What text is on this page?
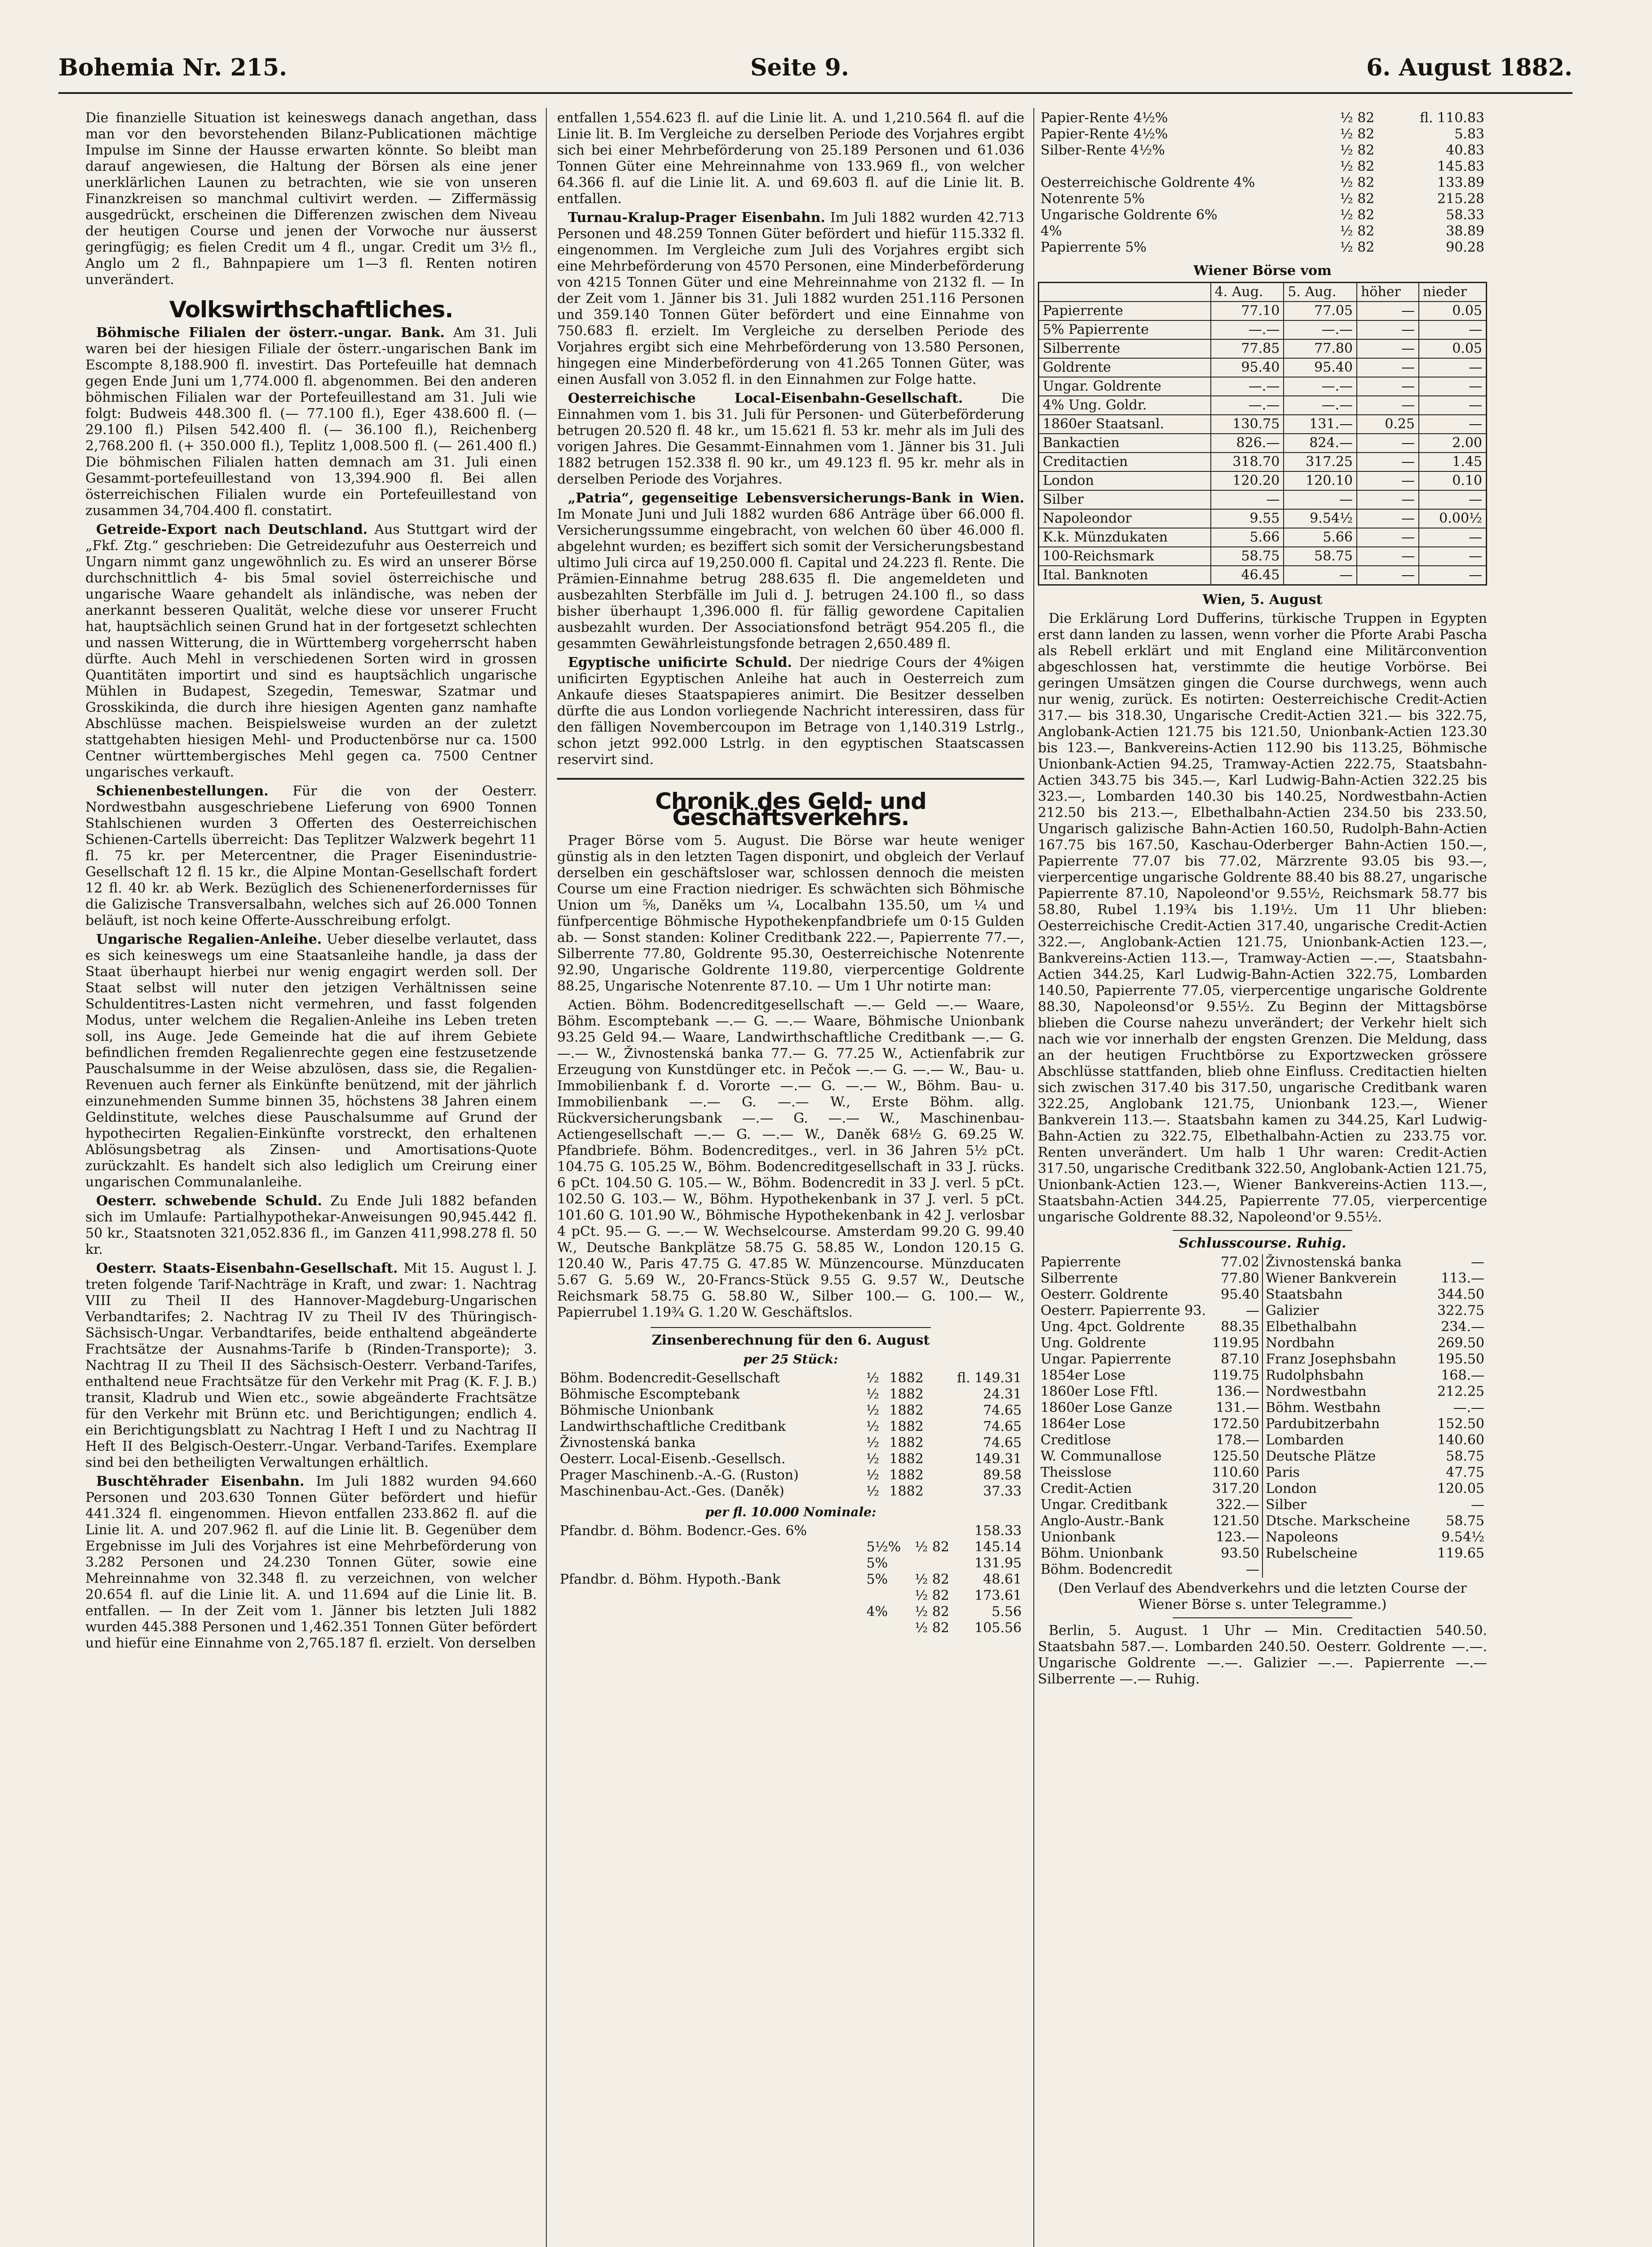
Bohemia Nr. 215.	Seite 9.	6. August 1882.

Die finanzielle Situation ist keineswegs danach angethan, dass man vor den bevorstehenden Bilanz-Publicationen mächtige Impulse im Sinne der Hausse erwarten könnte. So bleibt man darauf angewiesen, die Haltung der Börsen als eine jener unerklärlichen Launen zu betrachten, wie sie von unseren Finanzkreisen so manchmal cultivirt werden. — Ziffermässig ausgedrückt, erscheinen die Differenzen zwischen dem Niveau der heutigen Course und jenen der Vorwoche nur äusserst geringfügig; es fielen Credit um 4 fl., ungar. Credit um 3½ fl., Anglo um 2 fl., Bahnpapiere um 1—3 fl. Renten notiren unverändert.

Volkswirthschaftliches.

Böhmische Filialen der österr.-ungar. Bank. Am 31. Juli waren bei der hiesigen Filiale der österr.-ungarischen Bank im Escompte 8,188.900 fl. investirt. Das Portefeuille hat demnach gegen Ende Juni um 1,774.000 fl. abgenommen. Bei den anderen böhmischen Filialen war der Portefeuillestand am 31. Juli wie folgt: Budweis 448.300 fl. (— 77.100 fl.), Eger 438.600 fl. (— 29.100 fl.) Pilsen 542.400 fl. (— 36.100 fl.), Reichenberg 2,768.200 fl. (+ 350.000 fl.), Teplitz 1,008.500 fl. (— 261.400 fl.) Die böhmischen Filialen hatten demnach am 31. Juli einen Gesammt-portefeuillestand von 13,394.900 fl. Bei allen österreichischen Filialen wurde ein Portefeuillestand von zusammen 34,704.400 fl. constatirt.

Getreide-Export nach Deutschland. Aus Stuttgart wird der „Fkf. Ztg.“ geschrieben: Die Getreidezufuhr aus Oesterreich und Ungarn nimmt ganz ungewöhnlich zu. Es wird an unserer Börse durchschnittlich 4- bis 5mal soviel österreichische und ungarische Waare gehandelt als inländische, was neben der anerkannt besseren Qualität, welche diese vor unserer Frucht hat, hauptsächlich seinen Grund hat in der fortgesetzt schlechten und nassen Witterung, die in Württemberg vorgeherrscht haben dürfte. Auch Mehl in verschiedenen Sorten wird in grossen Quantitäten importirt und sind es hauptsächlich ungarische Mühlen in Budapest, Szegedin, Temeswar, Szatmar und Grosskikinda, die durch ihre hiesigen Agenten ganz namhafte Abschlüsse machen. Beispielsweise wurden an der zuletzt stattgehabten hiesigen Mehl- und Productenbörse nur ca. 1500 Centner württembergisches Mehl gegen ca. 7500 Centner ungarisches verkauft.

Schienenbestellungen. Für die von der Oesterr. Nordwestbahn ausgeschriebene Lieferung von 6900 Tonnen Stahlschienen wurden 3 Offerten des Oesterreichischen Schienen-Cartells überreicht: Das Teplitzer Walzwerk begehrt 11 fl. 75 kr. per Metercentner, die Prager Eisenindustrie-Gesellschaft 12 fl. 15 kr., die Alpine Montan-Gesellschaft fordert 12 fl. 40 kr. ab Werk. Bezüglich des Schienenerfordernisses für die Galizische Transversalbahn, welches sich auf 26.000 Tonnen beläuft, ist noch keine Offerte-Ausschreibung erfolgt.

Ungarische Regalien-Anleihe. Ueber dieselbe verlautet, dass es sich keineswegs um eine Staatsanleihe handle, ja dass der Staat überhaupt hierbei nur wenig engagirt werden soll. Der Staat selbst will nuter den jetzigen Verhältnissen seine Schuldentitres-Lasten nicht vermehren, und fasst folgenden Modus, unter welchem die Regalien-Anleihe ins Leben treten soll, ins Auge. Jede Gemeinde hat die auf ihrem Gebiete befindlichen fremden Regalienrechte gegen eine festzusetzende Pauschalsumme in der Weise abzulösen, dass sie, die Regalien-Revenuen auch ferner als Einkünfte benützend, mit der jährlich einzunehmenden Summe binnen 35, höchstens 38 Jahren einem Geldinstitute, welches diese Pauschalsumme auf Grund der hypothecirten Regalien-Einkünfte vorstreckt, den erhaltenen Ablösungsbetrag als Zinsen- und Amortisations-Quote zurückzahlt. Es handelt sich also lediglich um Creirung einer ungarischen Communalanleihe.

Oesterr. schwebende Schuld. Zu Ende Juli 1882 befanden sich im Umlaufe: Partialhypothekar-Anweisungen 90,945.442 fl. 50 kr., Staatsnoten 321,052.836 fl., im Ganzen 411,998.278 fl. 50 kr.

Oesterr. Staats-Eisenbahn-Gesellschaft. Mit 15. August l. J. treten folgende Tarif-Nachträge in Kraft, und zwar: 1. Nachtrag VIII zu Theil II des Hannover-Magdeburg-Ungarischen Verbandtarifes; 2. Nachtrag IV zu Theil IV des Thüringisch-Sächsisch-Ungar. Verbandtarifes, beide enthaltend abgeänderte Frachtsätze der Ausnahms-Tarife b (Rinden-Transporte); 3. Nachtrag II zu Theil II des Sächsisch-Oesterr. Verband-Tarifes, enthaltend neue Frachtsätze für den Verkehr mit Prag (K. F. J. B.) transit, Kladrub und Wien etc., sowie abgeänderte Frachtsätze für den Verkehr mit Brünn etc. und Berichtigungen; endlich 4. ein Berichtigungsblatt zu Nachtrag I Heft I und zu Nachtrag II Heft II des Belgisch-Oesterr.-Ungar. Verband-Tarifes. Exemplare sind bei den betheiligten Verwaltungen erhältlich.

Buschtěhrader Eisenbahn. Im Juli 1882 wurden 94.660 Personen und 203.630 Tonnen Güter befördert und hiefür 441.324 fl. eingenommen. Hievon entfallen 233.862 fl. auf die Linie lit. A. und 207.962 fl. auf die Linie lit. B. Gegenüber dem Ergebnisse im Juli des Vorjahres ist eine Mehrbeförderung von 3.282 Personen und 24.230 Tonnen Güter, sowie eine Mehreinnahme von 32.348 fl. zu verzeichnen, von welcher 20.654 fl. auf die Linie lit. A. und 11.694 auf die Linie lit. B. entfallen. — In der Zeit vom 1. Jänner bis letzten Juli 1882 wurden 445.388 Personen und 1,462.351 Tonnen Güter befördert und hiefür eine Einnahme von 2,765.187 fl. erzielt. Von derselben

entfallen 1,554.623 fl. auf die Linie lit. A. und 1,210.564 fl. auf die Linie lit. B. Im Vergleiche zu derselben Periode des Vorjahres ergibt sich bei einer Mehrbeförderung von 25.189 Personen und 61.036 Tonnen Güter eine Mehreinnahme von 133.969 fl., von welcher 64.366 fl. auf die Linie lit. A. und 69.603 fl. auf die Linie lit. B. entfallen.

Turnau-Kralup-Prager Eisenbahn. Im Juli 1882 wurden 42.713 Personen und 48.259 Tonnen Güter befördert und hiefür 115.332 fl. eingenommen. Im Vergleiche zum Juli des Vorjahres ergibt sich eine Mehrbeförderung von 4570 Personen, eine Minderbeförderung von 4215 Tonnen Güter und eine Mehreinnahme von 2132 fl. — In der Zeit vom 1. Jänner bis 31. Juli 1882 wurden 251.116 Personen und 359.140 Tonnen Güter befördert und eine Einnahme von 750.683 fl. erzielt. Im Vergleiche zu derselben Periode des Vorjahres ergibt sich eine Mehrbeförderung von 13.580 Personen, hingegen eine Minderbeförderung von 41.265 Tonnen Güter, was einen Ausfall von 3.052 fl. in den Einnahmen zur Folge hatte.

Oesterreichische Local-Eisenbahn-Gesellschaft.	Die Einnahmen vom 1. bis 31. Juli für Personen- und Güterbeförderung betrugen 20.520 fl. 48 kr., um 15.621 fl. 53 kr. mehr als im Juli des vorigen Jahres. Die Gesammt-Einnahmen vom 1. Jänner bis 31. Juli 1882 betrugen 152.338 fl. 90 kr., um 49.123 fl. 95 kr. mehr als in derselben Periode des Vorjahres.

„Patria“, gegenseitige Lebensversicherungs-Bank in Wien. Im Monate Juni und Juli 1882 wurden 686 Anträge über 66.000 fl. Versicherungssumme eingebracht, von welchen 60 über 46.000 fl. abgelehnt wurden; es beziffert sich somit der Versicherungsbestand ultimo Juli circa auf 19,250.000 fl. Capital und 24.223 fl. Rente. Die Prämien-Einnahme betrug 288.635 fl. Die angemeldeten und ausbezahlten Sterbfälle im Juli d. J. betrugen 24.100 fl., so dass bisher überhaupt 1,396.000 fl. für fällig gewordene Capitalien ausbezahlt wurden. Der Associationsfond beträgt 954.205 fl., die gesammten Gewährleistungsfonde betragen 2,650.489 fl.

Egyptische unificirte Schuld. Der niedrige Cours der 4%igen unificirten Egyptischen Anleihe hat auch in Oesterreich zum Ankaufe dieses Staatspapieres animirt. Die Besitzer desselben dürfte die aus London vorliegende Nachricht interessiren, dass für den fälligen Novembercoupon im Betrage von 1,140.319 Lstrlg., schon jetzt 992.000 Lstrlg. in den egyptischen Staatscassen reservirt sind.

Chronik des Geld- und Geschäftsverkehrs.

Prager Börse vom 5. August. Die Börse war heute weniger günstig als in den letzten Tagen disponirt, und obgleich der Verlauf derselben ein geschäftsloser war, schlossen dennoch die meisten Course um eine Fraction niedriger. Es schwächten sich Böhmische Union um ⅝, Daněks um ¼, Localbahn 135.50, um ¼ und fünfpercentige Böhmische Hypothekenpfandbriefe um 0·15 Gulden ab. — Sonst standen: Koliner Creditbank 222.—, Papierrente 77.—, Silberrente 77.80, Goldrente 95.30, Oesterreichische Notenrente 92.90, Ungarische Goldrente 119.80, vierpercentige Goldrente 88.25, Ungarische Notenrente 87.10. — Um 1 Uhr notirte man:

Actien. Böhm. Bodencreditgesellschaft —.— Geld —.— Waare, Böhm. Escomptebank —.— G. —.— Waare, Böhmische Unionbank 93.25 Geld 94.— Waare, Landwirthschaftliche Creditbank —.— G. —.— W., Živnostenská banka 77.— G. 77.25 W., Actienfabrik zur Erzeugung von Kunstdünger etc. in Pečok —.— G. —.— W., Bau- u. Immobilienbank f. d. Vororte —.— G. —.— W., Böhm. Bau- u. Immobilienbank —.— G. —.— W., Erste Böhm. allg. Rückversicherungsbank —.— G. —.— W., Maschinenbau-Actiengesellschaft —.— G. —.— W., Daněk 68½ G. 69.25 W. Pfandbriefe. Böhm. Bodencreditges., verl. in 36 Jahren 5½ pCt. 104.75 G. 105.25 W., Böhm. Bodencreditgesellschaft in 33 J. rücks. 6 pCt. 104.50 G. 105.— W., Böhm. Bodencredit in 33 J. verl. 5 pCt. 102.50 G. 103.— W., Böhm. Hypothekenbank in 37 J. verl. 5 pCt. 101.60 G. 101.90 W., Böhmische Hypothekenbank in 42 J. verlosbar 4 pCt. 95.— G. —.— W. Wechselcourse. Amsterdam 99.20 G. 99.40 W., Deutsche Bankplätze 58.75 G. 58.85 W., London 120.15 G. 120.40 W., Paris 47.75 G. 47.85 W. Münzencourse. Münzducaten 5.67 G. 5.69 W., 20-Francs-Stück 9.55 G. 9.57 W., Deutsche Reichsmark 58.75 G. 58.80 W., Silber 100.— G. 100.— W., Papierrubel 1.19¾ G. 1.20 W. Geschäftslos.

Zinsenberechnung für den 6. August
per 25 Stück:
Böhm. Bodencredit-Gesellschaft	½	1882	fl. 149.31
Böhmische Escomptebank	½	1882	24.31
Böhmische Unionbank	½	1882	74.65
Landwirthschaftliche Creditbank	½	1882	74.65
Živnostenská banka	½	1882	74.65
Oesterr. Local-Eisenb.-Gesellsch.	½	1882	149.31
Prager Maschinenb.-A.-G. (Ruston)	½	1882	89.58
Maschinenbau-Act.-Ges. (Daněk)	½	1882	37.33
per fl. 10.000 Nominale:
Pfandbr. d. Böhm. Bodencr.-Ges. 6%			158.33
	5½%	½ 82	145.14
	5%		131.95
Pfandbr. d. Böhm. Hypoth.-Bank	5%	½ 82	48.61
		½ 82	173.61
	4%	½ 82	5.56
		½ 82	105.56
Papier-Rente 4½%	½ 82	fl. 110.83
Papier-Rente 4½%	½ 82	5.83
Silber-Rente 4½%	½ 82	40.83
	½ 82	145.83
Oesterreichische Goldrente 4%	½ 82	133.89
Notenrente 5%	½ 82	215.28
Ungarische Goldrente 6%	½ 82	58.33
4%	½ 82	38.89
Papierrente 5%	½ 82	90.28
Wiener Börse vom
	4. Aug.	5. Aug.	höher	nieder
Papierrente	77.10	77.05	—	0.05
5% Papierrente	—.—	—.—	—	—
Silberrente	77.85	77.80	—	0.05
Goldrente	95.40	95.40	—	—
Ungar. Goldrente	—.—	—.—	—	—
4% Ung. Goldr.	—.—	—.—	—	—
1860er Staatsanl.	130.75	131.—	0.25	—
Bankactien	826.—	824.—	—	2.00
Creditactien	318.70	317.25	—	1.45
London	120.20	120.10	—	0.10
Silber	—	—	—	—
Napoleondor	9.55	9.54½	—	0.00½
K.k. Münzdukaten	5.66	5.66	—	—
100-Reichsmark	58.75	58.75	—	—
Ital. Banknoten	46.45	—	—	—
Wien, 5. August

Die Erklärung Lord Dufferins, türkische Truppen in Egypten erst dann landen zu lassen, wenn vorher die Pforte Arabi Pascha als Rebell erklärt und mit England eine Militärconvention abgeschlossen hat, verstimmte die heutige Vorbörse. Bei geringen Umsätzen gingen die Course durchwegs, wenn auch nur wenig, zurück. Es notirten: Oesterreichische Credit-Actien 317.— bis 318.30, Ungarische Credit-Actien 321.— bis 322.75, Anglobank-Actien 121.75 bis 121.50, Unionbank-Actien 123.30 bis 123.—, Bankvereins-Actien 112.90 bis 113.25, Böhmische Unionbank-Actien 94.25, Tramway-Actien 222.75, Staatsbahn-Actien 343.75 bis 345.—, Karl Ludwig-Bahn-Actien 322.25 bis 323.—, Lombarden 140.30 bis 140.25, Nordwestbahn-Actien 212.50 bis 213.—, Elbethalbahn-Actien 234.50 bis 233.50, Ungarisch galizische Bahn-Actien 160.50, Rudolph-Bahn-Actien 167.75 bis 167.50, Kaschau-Oderberger Bahn-Actien 150.—, Papierrente 77.07 bis 77.02, Märzrente 93.05 bis 93.—, vierpercentige ungarische Goldrente 88.40 bis 88.27, ungarische Papierrente 87.10, Napoleond'or 9.55½, Reichsmark 58.77 bis 58.80, Rubel 1.19¾ bis 1.19½. Um 11 Uhr blieben: Oesterreichische Credit-Actien 317.40, ungarische Credit-Actien 322.—, Anglobank-Actien 121.75, Unionbank-Actien 123.—, Bankvereins-Actien 113.—, Tramway-Actien —.—, Staatsbahn-Actien 344.25, Karl Ludwig-Bahn-Actien 322.75, Lombarden 140.50, Papierrente 77.05, vierpercentige ungarische Goldrente 88.30, Napoleonsd'or 9.55½. Zu Beginn der Mittagsbörse blieben die Course nahezu unverändert; der Verkehr hielt sich nach wie vor innerhalb der engsten Grenzen. Die Meldung, dass an der heutigen Fruchtbörse zu Exportzwecken grössere Abschlüsse stattfanden, blieb ohne Einfluss. Creditactien hielten sich zwischen 317.40 bis 317.50, ungarische Creditbank waren 322.25, Anglobank 121.75, Unionbank 123.—, Wiener Bankverein 113.—. Staatsbahn kamen zu 344.25, Karl Ludwig-Bahn-Actien zu 322.75, Elbethalbahn-Actien zu 233.75 vor. Renten unverändert. Um halb 1 Uhr waren: Credit-Actien 317.50, ungarische Creditbank 322.50, Anglobank-Actien 121.75, Unionbank-Actien 123.—, Wiener Bankvereins-Actien 113.—, Staatsbahn-Actien 344.25, Papierrente 77.05, vierpercentige ungarische Goldrente 88.32, Napoleond'or 9.55½.

Schlusscourse. Ruhig.
Papierrente	77.02
Silberrente	77.80
Oesterr. Goldrente	95.40
Oesterr. Papierrente 93.	—
Ung. 4pct. Goldrente	88.35
Ung. Goldrente	119.95
Ungar. Papierrente	87.10
1854er Lose	119.75
1860er Lose Fftl.	136.—
1860er Lose Ganze	131.—
1864er Lose	172.50
Creditlose	178.—
W. Communallose	125.50
Theisslose	110.60
Credit-Actien	317.20
Ungar. Creditbank	322.—
Anglo-Austr.-Bank	121.50
Unionbank	123.—
Böhm. Unionbank	93.50
Böhm. Bodencredit	—
Živnostenská banka	—
Wiener Bankverein	113.—
Staatsbahn	344.50
Galizier	322.75
Elbethalbahn	234.—
Nordbahn	269.50
Franz Josephsbahn	195.50
Rudolphsbahn	168.—
Nordwestbahn	212.25
Böhm. Westbahn	—.—
Pardubitzerbahn	152.50
Lombarden	140.60
Deutsche Plätze	58.75
Paris	47.75
London	120.05
Silber	—
Dtsche. Markscheine	58.75
Napoleons	9.54½
Rubelscheine	119.65

(Den Verlauf des Abendverkehrs und die letzten Course der Wiener Börse s. unter Telegramme.)

Berlin, 5. August. 1 Uhr — Min. Creditactien 540.50. Staatsbahn 587.—. Lombarden 240.50. Oesterr. Goldrente —.—. Ungarische Goldrente —.—. Galizier —.—. Papierrente —.— Silberrente —.— Ruhig.
